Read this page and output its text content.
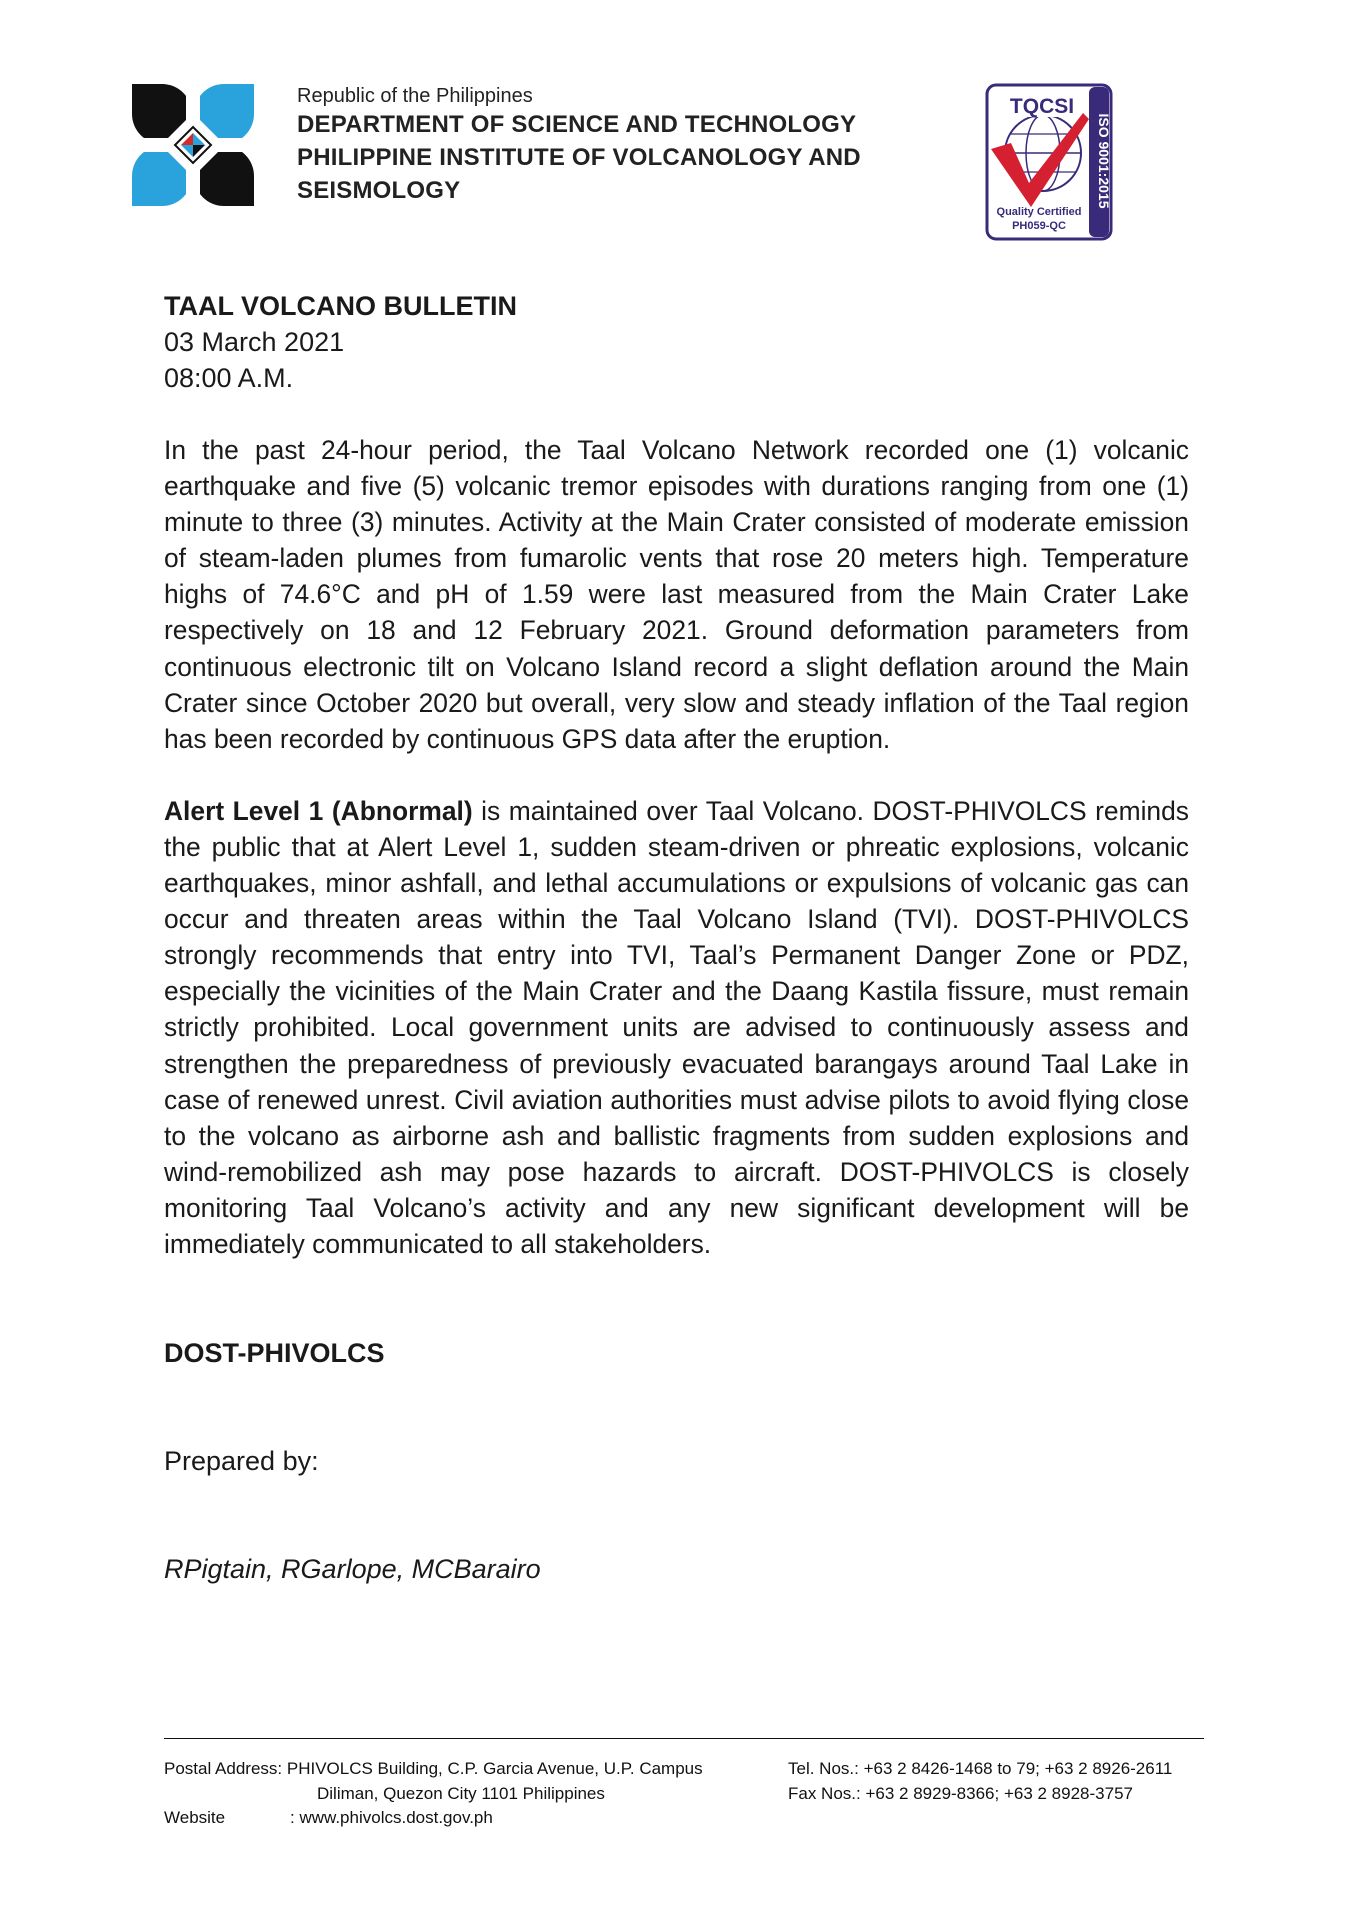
Republic of the Philippines
DEPARTMENT OF SCIENCE AND TECHNOLOGY
PHILIPPINE INSTITUTE OF VOLCANOLOGY AND
SEISMOLOGY	ISO 9001:2015
TQCSI
Quality Certified
PH059-QC
TAAL VOLCANO BULLETIN
03 March 2021
08:00 A.M.

In the past 24-hour period, the Taal Volcano Network recorded one (1) volcanic earthquake and five (5) volcanic tremor episodes with durations ranging from one (1) minute to three (3) minutes. Activity at the Main Crater consisted of moderate emission of steam-laden plumes from fumarolic vents that rose 20 meters high. Temperature highs of 74.6°C and pH of 1.59 were last measured from the Main Crater Lake respectively on 18 and 12 February 2021. Ground deformation parameters from continuous electronic tilt on Volcano Island record a slight deflation around the Main Crater since October 2020 but overall, very slow and steady inflation of the Taal region has been recorded by continuous GPS data after the eruption.

Alert Level 1 (Abnormal) is maintained over Taal Volcano. DOST-PHIVOLCS reminds the public that at Alert Level 1, sudden steam-driven or phreatic explosions, volcanic earthquakes, minor ashfall, and lethal accumulations or expulsions of volcanic gas can occur and threaten areas within the Taal Volcano Island (TVI). DOST-PHIVOLCS strongly recommends that entry into TVI, Taal’s Permanent Danger Zone or PDZ, especially the vicinities of the Main Crater and the Daang Kastila fissure, must remain strictly prohibited. Local government units are advised to continuously assess and strengthen the preparedness of previously evacuated barangays around Taal Lake in case of renewed unrest. Civil aviation authorities must advise pilots to avoid flying close to the volcano as airborne ash and ballistic fragments from sudden explosions and wind-remobilized ash may pose hazards to aircraft. DOST-PHIVOLCS is closely monitoring Taal Volcano’s activity and any new significant development will be immediately communicated to all stakeholders.

DOST-PHIVOLCS
Prepared by:
RPigtain, RGarlope, MCBarairo
Postal Address: PHIVOLCS Building, C.P. Garcia Avenue, U.P. Campus
Diliman, Quezon City 1101 Philippines
Website	: www.phivolcs.dost.gov.ph
Tel. Nos.: +63 2 8426-1468 to 79; +63 2 8926-2611
Fax Nos.: +63 2 8929-8366; +63 2 8928-3757
